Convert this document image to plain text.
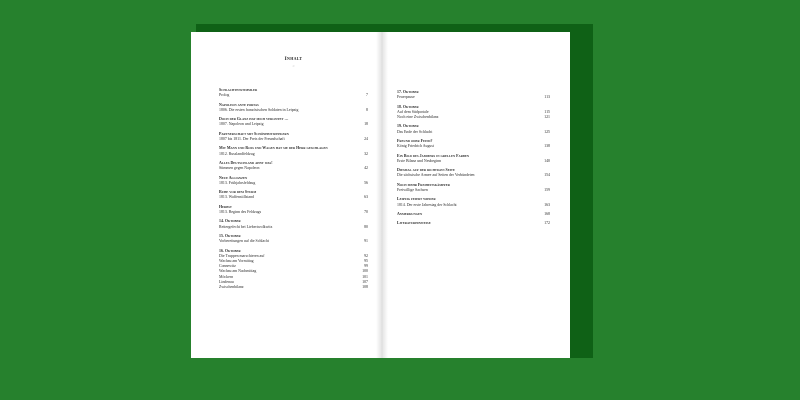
Inhalt
~
Schlachtenstimmler
Prolog	7
Napoleon ante portas
1806. Die ersten französischen Soldaten in Leipzig	8
Doch der Glanz hat mich verleitet …
1807. Napoleon und Leipzig	18
Partnerschaft mit Schönheitsfehlern
1807 bis 1811. Der Preis der Freundschaft	24
Mit Mann und Ross und Wagen hat sie der Herr geschlagen
1812. Russlandfeldzug	32
Alles Deutschland ahnt was!
Stimmen gegen Napoleon	42
Neue Allianzen
1813. Frühjahrsfeldzug	56
Ruhe vor dem Sturm
1813. Waffenstillstand	63
Herbst
1813. Beginn des Feldzugs	70
14. Oktober
Reitergefecht bei Liebertwolkwitz	80
15. Oktober
Vorbereitungen auf die Schlacht	91
16. Oktober
Die Truppen marschieren auf	92
Wachau am Vormittag	95
Connewitz	99
Wachau am Nachmittag	100
Möckern	101
Lindenau	107
Zwischenbilanz	108
17. Oktober
Feuerpause	113
18. Oktober
Auf dem Südportale	115
Noch eine Zwischenbilanz	121
19. Oktober
Das Ende der Schlacht	125
Freund oder Feind?
König Friedrich August	138
Ein Bild des Jammers in grellen Farben
Erste Bilanz und Neubeginn	140
Diesmal auf der richtigen Seite
Die sächsische Armee auf Seiten der Verbündeten	154
Noch mehr Freiheitskämpfer
Freiwillige Sachsen	159
Leipzig feiert wieder
1814. Der erste Jahrestag der Schlacht	163
Anmerkungen	168
Literaturhinweise	172
